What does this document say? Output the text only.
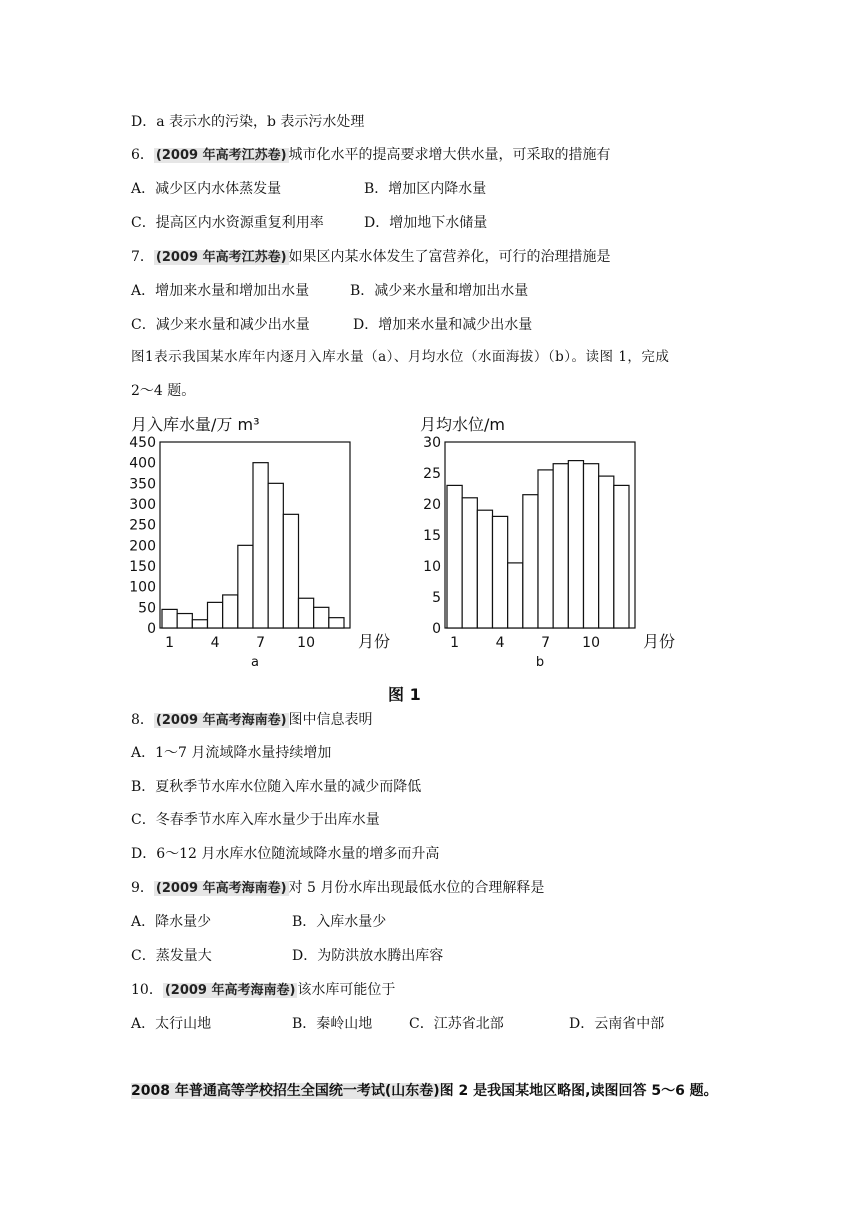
D．a 表示水的污染，b 表示污水处理
6． (2009 年高考江苏卷) 城市化水平的提高要求增大供水量，可采取的措施有
A．减少区内水体蒸发量	B．增加区内降水量
C．提高区内水资源重复利用率	D．增加地下水储量
7． (2009 年高考江苏卷) 如果区内某水体发生了富营养化，可行的治理措施是
A．增加来水量和增加出水量	B．减少来水量和增加出水量
C．减少来水量和减少出水量	D．增加来水量和减少出水量
图1表示我国某水库年内逐月入库水量（a）、月均水位（水面海拔）（b）。读图 1，完成
2～4 题。
月入库水量/万 m³
0
50
100
150
200
250
300
350
400
450
1	4	7 10	月份
a
月均水位/m
0
5
10
15
20
25
30
1	4	7 10	月份
b
图 1
8． (2009 年高考海南卷) 图中信息表明
A．1～7 月流域降水量持续增加
B．夏秋季节水库水位随入库水量的减少而降低
C．冬春季节水库入库水量少于出库水量
D．6～12 月水库水位随流域降水量的增多而升高
9． (2009 年高考海南卷) 对 5 月份水库出现最低水位的合理解释是
A．降水量少	B．入库水量少
C．蒸发量大	D．为防洪放水腾出库容
10． (2009 年高考海南卷) 该水库可能位于
A．太行山地	B．秦岭山地	C．江苏省北部	D．云南省中部
2008 年普通高等学校招生全国统一考试(山东卷)图 2 是我国某地区略图,读图回答 5～6 题。
